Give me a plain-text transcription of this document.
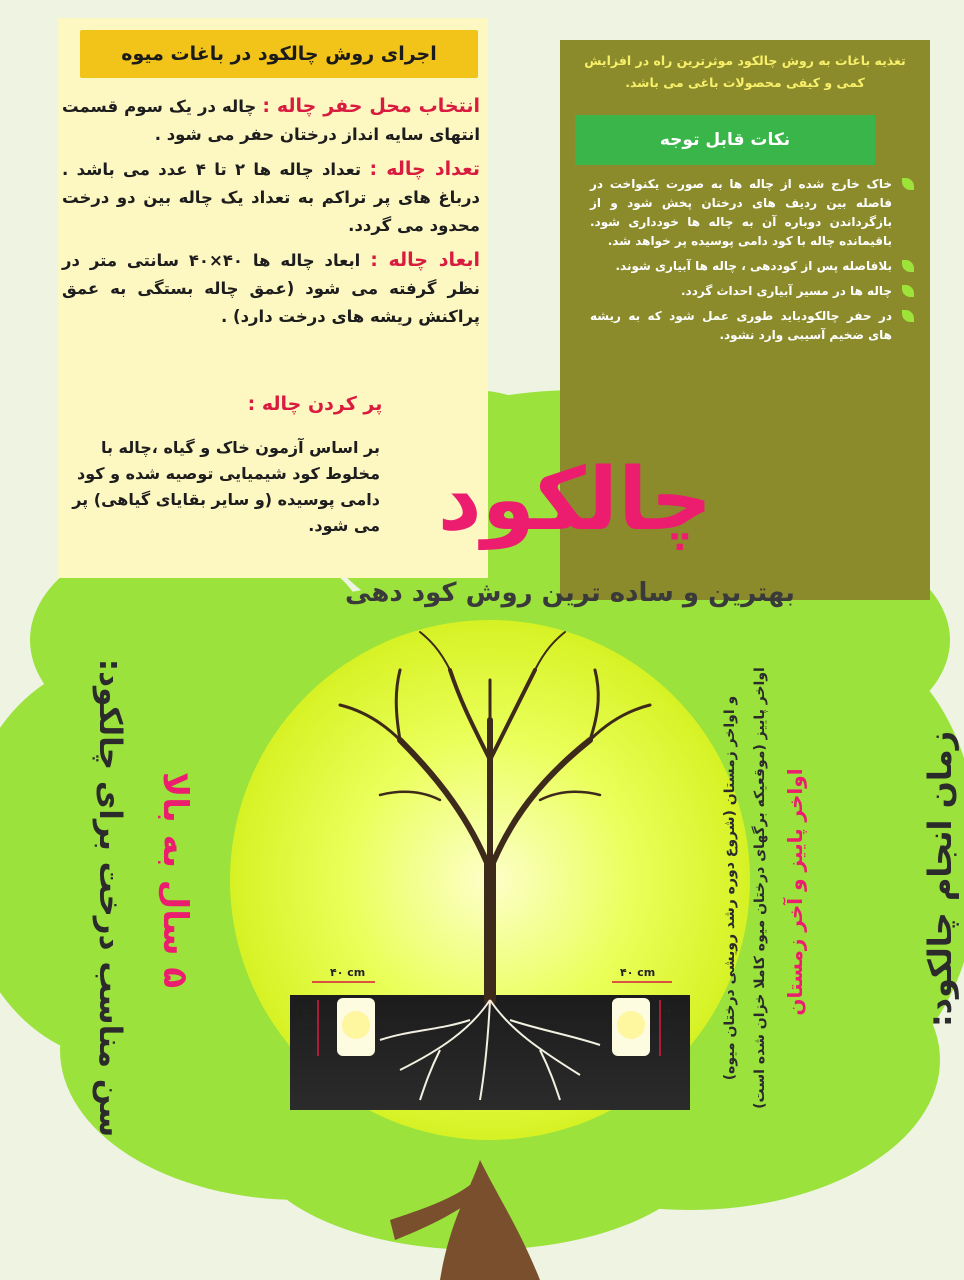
اجرای روش چالکود در باغات میوه

انتخاب محل حفر چاله : چاله در یک سوم قسمت انتهای سایه انداز درختان حفر می شود .

تعداد چاله : تعداد چاله ها ۲ تا ۴ عدد می باشد . درباغ های پر تراکم به تعداد یک چاله بین دو درخت محدود می گردد.

ابعاد چاله : ابعاد چاله ها ۴۰×۴۰ سانتی متر در نظر گرفته می شود (عمق چاله بستگی به عمق پراکنش ریشه های درخت دارد) .

پر کردن چاله :
بر اساس آزمون خاک و گیاه ،چاله با مخلوط کود شیمیایی توصیه شده و کود دامی پوسیده (و سایر بقایای گیاهی) پر می شود.
تغذیه باغات به روش چالکود موثرترین راه در افزایش کمی و کیفی محصولات باغی می باشد.
نکات قابل توجه
خاک خارج شده از چاله ها به صورت یکنواخت در فاصله بین ردیف های درختان پخش شود و از بازگرداندن دوباره آن به چاله ها خودداری شود. باقیمانده چاله با کود دامی پوسیده پر خواهد شد.
بلافاصله پس از کوددهی ، چاله ها آبیاری شوند.
چاله ها در مسیر آبیاری احداث گردد.
در حفر چالکودباید طوری عمل شود که به ریشه های ضخیم آسیبی وارد نشود.
چالکود
بهترین و ساده ترین روش کود دهی
سن مناسب درخت برای چالکود: ۵ سال به بالا	زمان انجام چالکود:
اواخر پاییز و آخر زمستان
اواخر پاییز (موقعیکه برگهای درختان میوه کاملا خزان شده است)
و اواخر زمستان (شروع دوره رشد رویشی درختان میوه)
۴۰ cm	۴۰ cm
۴۰ cm	۴۰ cm
